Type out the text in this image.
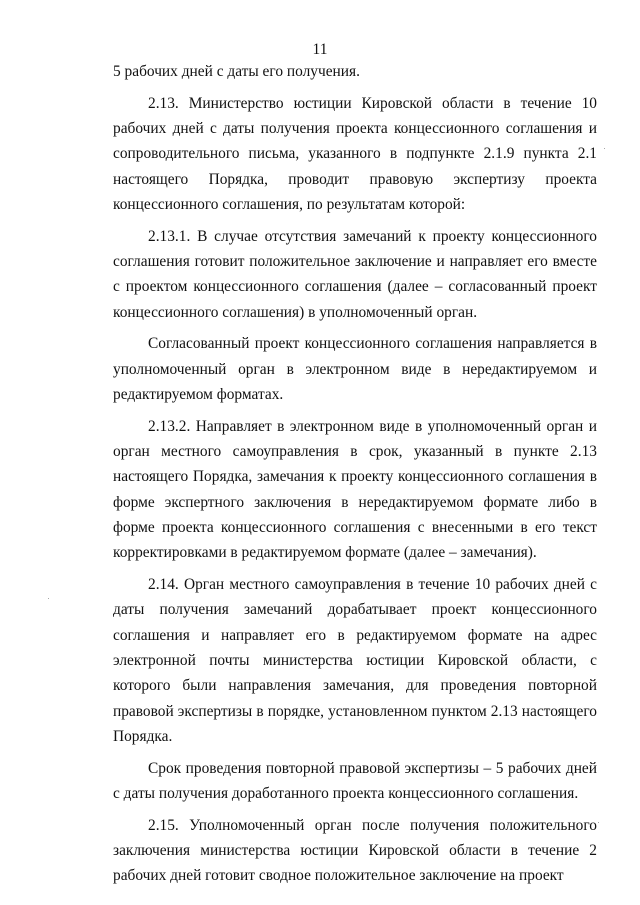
11

5 рабочих дней с даты его получения.

2.13. Министерство юстиции Кировской области в течение 10 рабочих дней с даты получения проекта концессионного соглашения и сопроводительного письма, указанного в подпункте 2.1.9 пункта 2.1 настоящего Порядка, проводит правовую экспертизу проекта концессионного соглашения, по результатам которой:

2.13.1. В случае отсутствия замечаний к проекту концессионного соглашения готовит положительное заключение и направляет его вместе с проектом концессионного соглашения (далее – согласованный проект концессионного соглашения) в уполномоченный орган.

Согласованный проект концессионного соглашения направляется в уполномоченный орган в электронном виде в нередактируемом и редактируемом форматах.

2.13.2. Направляет в электронном виде в уполномоченный орган и орган местного самоуправления в срок, указанный в пункте 2.13 настоящего Порядка, замечания к проекту концессионного соглашения в форме экспертного заключения в нередактируемом формате либо в форме проекта концессионного соглашения с внесенными в его текст корректировками в редактируемом формате (далее – замечания).

2.14. Орган местного самоуправления в течение 10 рабочих дней с даты получения замечаний дорабатывает проект концессионного соглашения и направляет его в редактируемом формате на адрес электронной почты министерства юстиции Кировской области, с которого были направления замечания, для проведения повторной правовой экспертизы в порядке, установленном пунктом 2.13 настоящего Порядка.

Срок проведения повторной правовой экспертизы – 5 рабочих дней с даты получения доработанного проекта концессионного соглашения.

2.15. Уполномоченный орган после получения положительного заключения министерства юстиции Кировской области в течение 2 рабочих дней готовит сводное положительное заключение на проект
